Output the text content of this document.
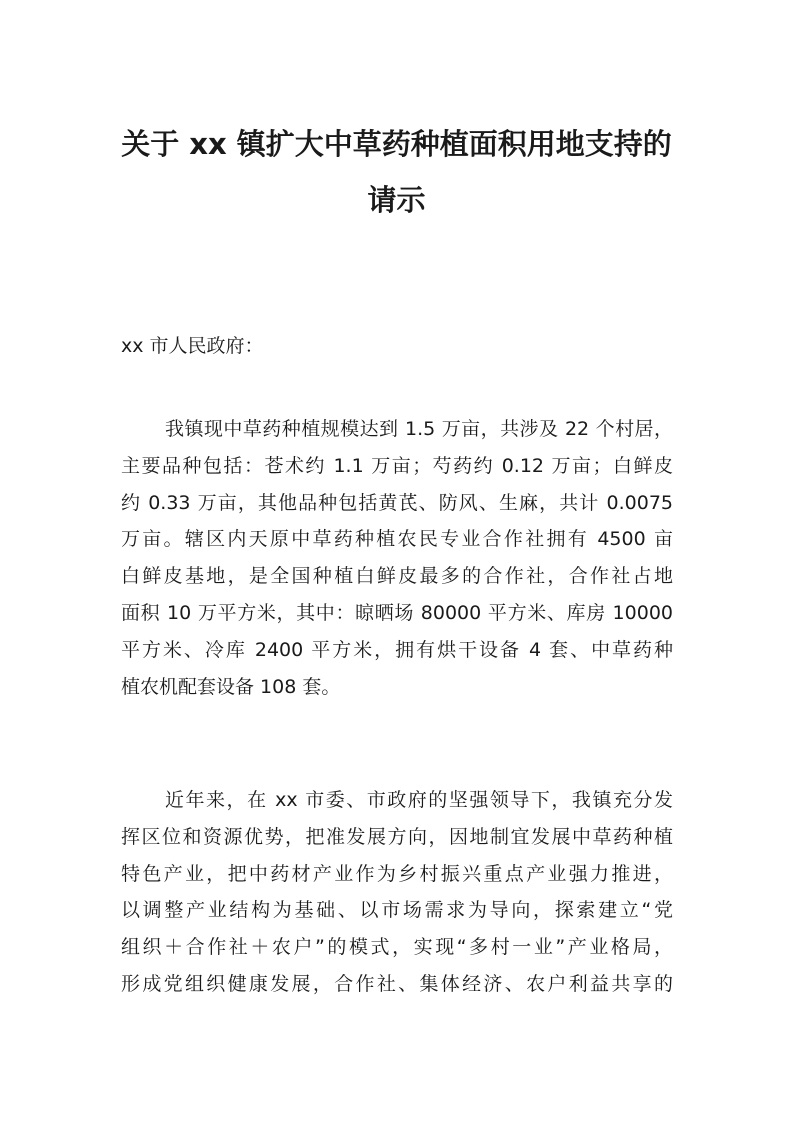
关于 xx 镇扩大中草药种植面积用地支持的
请示

xx 市人民政府：

我镇现中草药种植规模达到 1.5 万亩，共涉及 22 个村居，
主要品种包括：苍术约 1.1 万亩；芍药约 0.12 万亩；白鲜皮
约 0.33 万亩，其他品种包括黄芪、防风、生麻，共计 0.0075
万亩。辖区内天原中草药种植农民专业合作社拥有 4500 亩
白鲜皮基地，是全国种植白鲜皮最多的合作社，合作社占地
面积 10 万平方米，其中：晾晒场 80000 平方米、库房 10000
平方米、冷库 2400 平方米，拥有烘干设备 4 套、中草药种
植农机配套设备 108 套。
近年来，在 xx 市委、市政府的坚强领导下，我镇充分发
挥区位和资源优势，把准发展方向，因地制宜发展中草药种植
特色产业，把中药材产业作为乡村振兴重点产业强力推进，
以调整产业结构为基础、以市场需求为导向，探索建立“党
组织＋合作社＋农户”的模式，实现“多村一业”产业格局，
形成党组织健康发展，合作社、集体经济、农户利益共享的
